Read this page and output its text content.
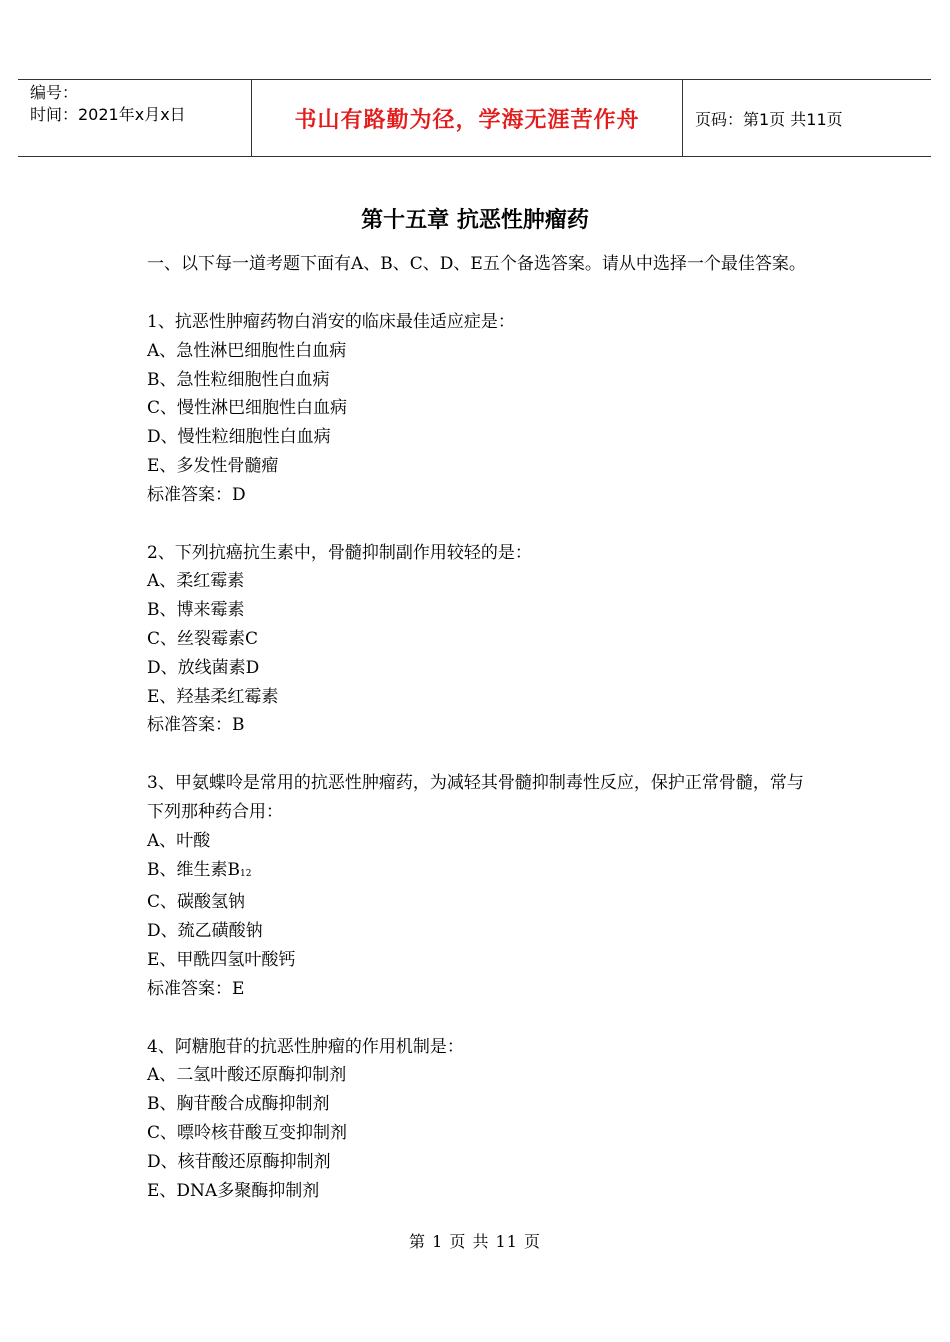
编号：
时间：2021年x月x日	书山有路勤为径，学海无涯苦作舟	页码：第1页 共11页
第十五章 抗恶性肿瘤药
一、以下每一道考题下面有A、B、C、D、E五个备选答案。请从中选择一个最佳答案。
1、抗恶性肿瘤药物白消安的临床最佳适应症是：
A、急性淋巴细胞性白血病
B、急性粒细胞性白血病
C、慢性淋巴细胞性白血病
D、慢性粒细胞性白血病
E、多发性骨髓瘤
标准答案：D
2、下列抗癌抗生素中，骨髓抑制副作用较轻的是：
A、柔红霉素
B、博来霉素
C、丝裂霉素C
D、放线菌素D
E、羟基柔红霉素
标准答案：B
3、甲氨蝶呤是常用的抗恶性肿瘤药，为减轻其骨髓抑制毒性反应，保护正常骨髓，常与下列那种药合用：
A、叶酸
B、维生素$B_{12}$
C、碳酸氢钠
D、巯乙磺酸钠
E、甲酰四氢叶酸钙
标准答案：E
4、阿糖胞苷的抗恶性肿瘤的作用机制是：
A、二氢叶酸还原酶抑制剂
B、胸苷酸合成酶抑制剂
C、嘌呤核苷酸互变抑制剂
D、核苷酸还原酶抑制剂
E、DNA多聚酶抑制剂
第 1 页 共 11 页
